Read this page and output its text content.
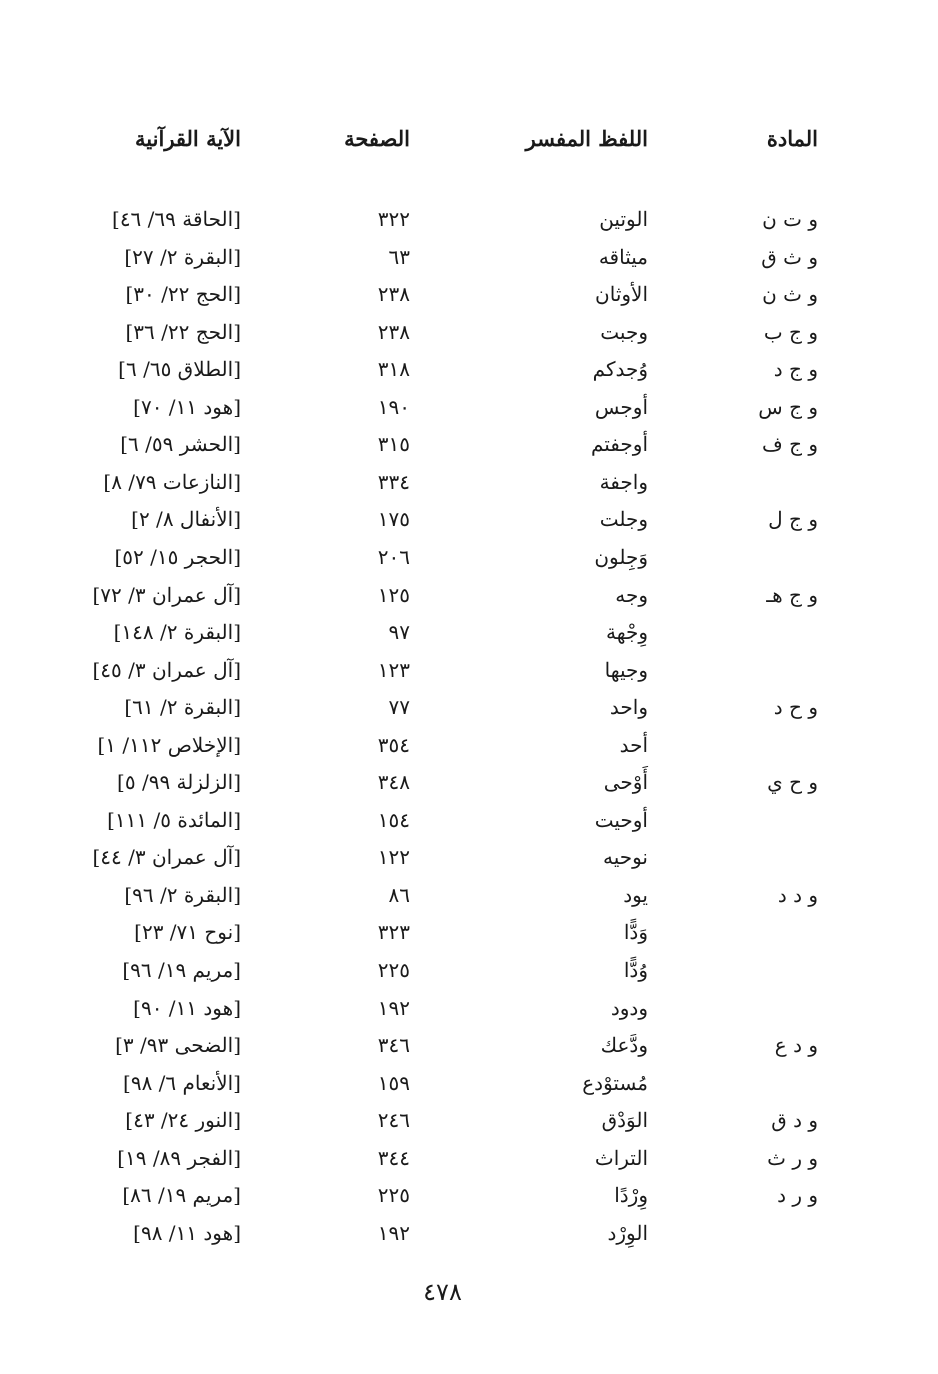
المادة
اللفظ المفسر
الصفحة
الآية القرآنية
و ت ن
الوتين
٣٢٢
[الحاقة ٦٩/ ٤٦]
و ث ق
ميثاقه
٦٣
[البقرة ٢/ ٢٧]
و ث ن
الأوثان
٢٣٨
[الحج ٢٢/ ٣٠]
و ج ب
وجبت
٢٣٨
[الحج ٢٢/ ٣٦]
و ج د
وُجدكم
٣١٨
[الطلاق ٦٥/ ٦]
و ج س
أوجس
١٩٠
[هود ١١/ ٧٠]
و ج ف
أوجفتم
٣١٥
[الحشر ٥٩/ ٦]
واجفة
٣٣٤
[النازعات ٧٩/ ٨]
و ج ل
وجلت
١٧٥
[الأنفال ٨/ ٢]
وَجِلون
٢٠٦
[الحجر ١٥/ ٥٢]
و ج هـ
وجه
١٢٥
[آل عمران ٣/ ٧٢]
وِجْهة
٩٧
[البقرة ٢/ ١٤٨]
وجيها
١٢٣
[آل عمران ٣/ ٤٥]
و ح د
واحد
٧٧
[البقرة ٢/ ٦١]
أحد
٣٥٤
[الإخلاص ١١٢/ ١]
و ح ي
أَوْحى
٣٤٨
[الزلزلة ٩٩/ ٥]
أوحيت
١٥٤
[المائدة ٥/ ١١١]
نوحيه
١٢٢
[آل عمران ٣/ ٤٤]
و د د
يود
٨٦
[البقرة ٢/ ٩٦]
وَدًّا
٣٢٣
[نوح ٧١/ ٢٣]
وُدًّا
٢٢٥
[مريم ١٩/ ٩٦]
ودود
١٩٢
[هود ١١/ ٩٠]
و د ع
ودَّعك
٣٤٦
[الضحى ٩٣/ ٣]
مُستوْدع
١٥٩
[الأنعام ٦/ ٩٨]
و د ق
الوَدْق
٢٤٦
[النور ٢٤/ ٤٣]
و ر ث
التراث
٣٤٤
[الفجر ٨٩/ ١٩]
و ر د
وِرْدًا
٢٢٥
[مريم ١٩/ ٨٦]
الوِرْد
١٩٢
[هود ١١/ ٩٨]
٤٧٨
